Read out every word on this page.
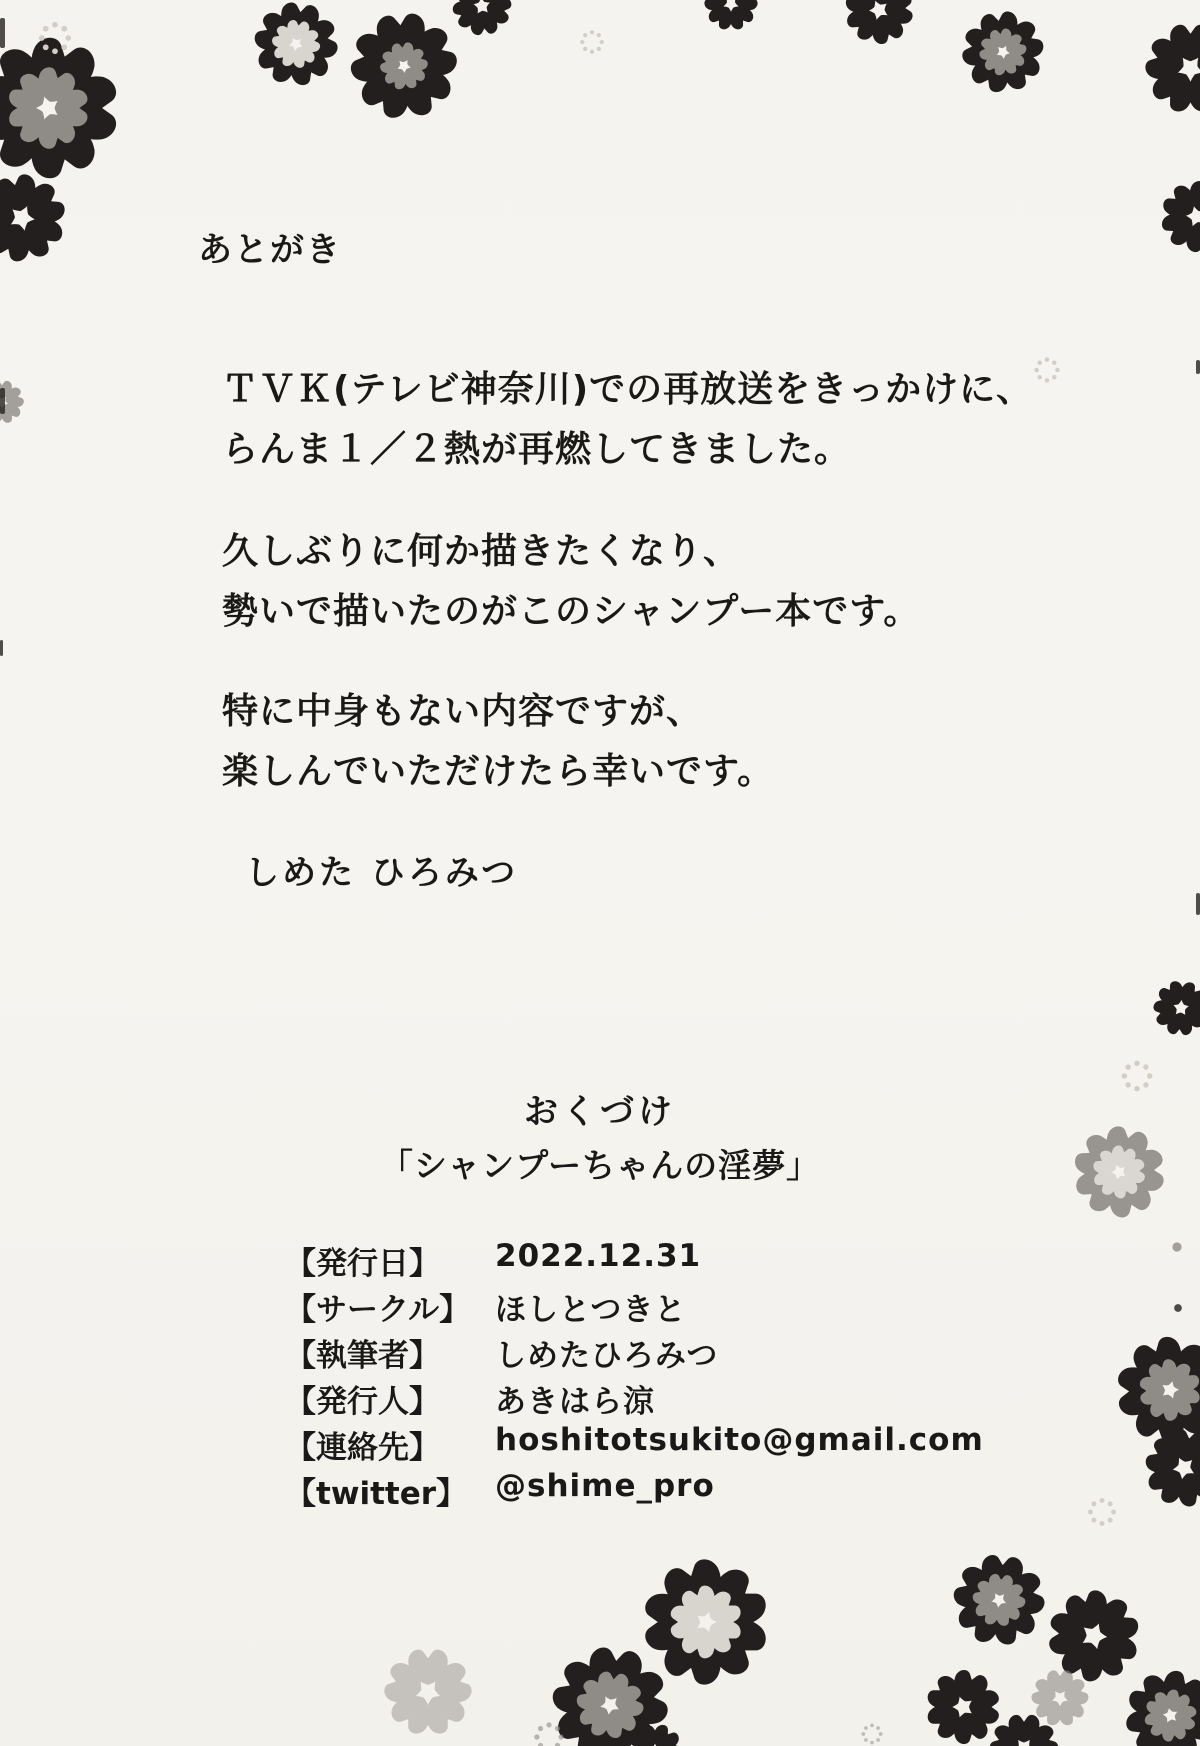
あとがき
ＴＶＫ(テレビ神奈川)での再放送をきっかけに、
らんま１／２熱が再燃してきました。
久しぶりに何か描きたくなり、
勢いで描いたのがこのシャンプー本です。
特に中身もない内容ですが、
楽しんでいただけたら幸いです。
しめた ひろみつ
おくづけ
「シャンプーちゃんの淫夢」
【発行日】	2022.12.31
【サークル】 ほしとつきと
【執筆者】	しめたひろみつ
【発行人】	あきはら涼
【連絡先】	hoshitotsukito@gmail.com
【twitter】 @shime_pro
